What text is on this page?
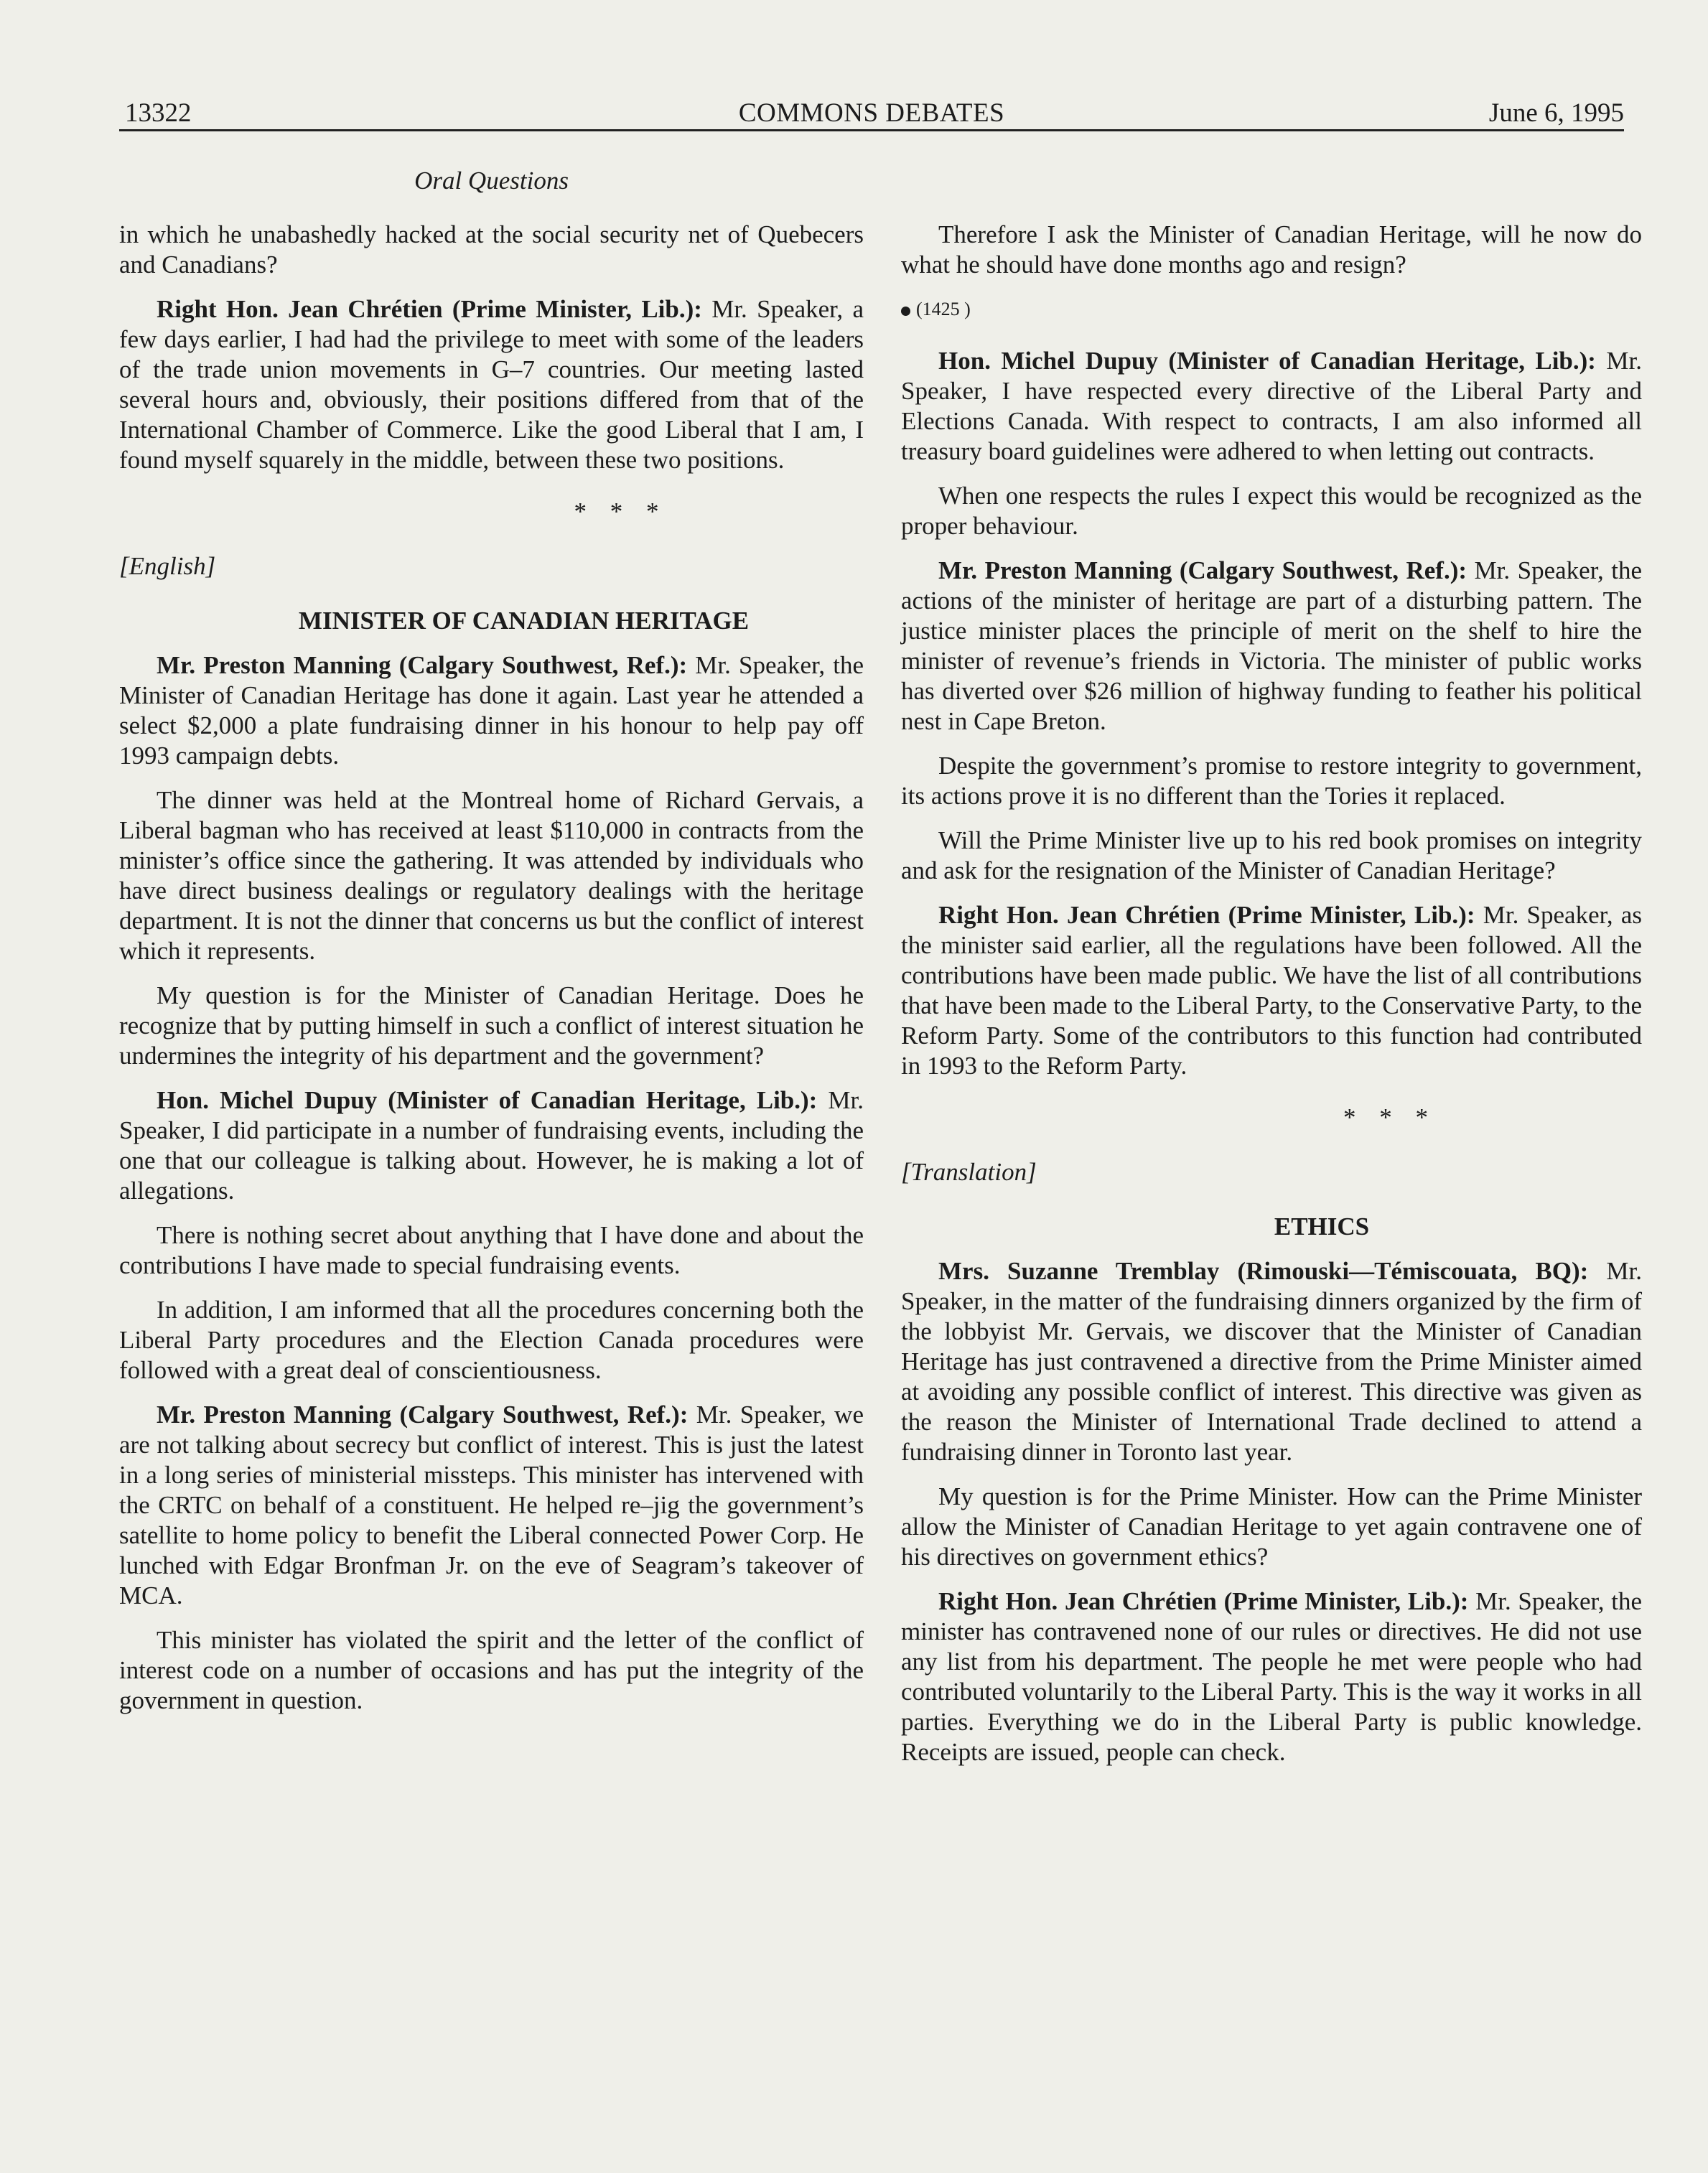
13322	COMMONS DEBATES	June 6, 1995
Oral Questions

in which he unabashedly hacked at the social security net of Quebecers and Canadians?

Right Hon. Jean Chrétien (Prime Minister, Lib.): Mr. Speaker, a few days earlier, I had had the privilege to meet with some of the leaders of the trade union movements in G–7 countries. Our meeting lasted several hours and, obviously, their positions differed from that of the International Chamber of Commerce. Like the good Liberal that I am, I found myself squarely in the middle, between these two positions.

* * *
[English]
MINISTER OF CANADIAN HERITAGE

Mr. Preston Manning (Calgary Southwest, Ref.): Mr. Speaker, the Minister of Canadian Heritage has done it again. Last year he attended a select $2,000 a plate fundraising dinner in his honour to help pay off 1993 campaign debts.

The dinner was held at the Montreal home of Richard Gervais, a Liberal bagman who has received at least $110,000 in contracts from the minister’s office since the gathering. It was attended by individuals who have direct business dealings or regulatory dealings with the heritage department. It is not the dinner that concerns us but the conflict of interest which it represents.

My question is for the Minister of Canadian Heritage. Does he recognize that by putting himself in such a conflict of interest situation he undermines the integrity of his department and the government?

Hon. Michel Dupuy (Minister of Canadian Heritage, Lib.): Mr. Speaker, I did participate in a number of fundraising events, including the one that our colleague is talking about. However, he is making a lot of allegations.

There is nothing secret about anything that I have done and about the contributions I have made to special fundraising events.

In addition, I am informed that all the procedures concerning both the Liberal Party procedures and the Election Canada procedures were followed with a great deal of conscientiousness.

Mr. Preston Manning (Calgary Southwest, Ref.): Mr. Speaker, we are not talking about secrecy but conflict of interest. This is just the latest in a long series of ministerial missteps. This minister has intervened with the CRTC on behalf of a constituent. He helped re–jig the government’s satellite to home policy to benefit the Liberal connected Power Corp. He lunched with Edgar Bronfman Jr. on the eve of Seagram’s takeover of MCA.

This minister has violated the spirit and the letter of the conflict of interest code on a number of occasions and has put the integrity of the government in question.

Therefore I ask the Minister of Canadian Heritage, will he now do what he should have done months ago and resign?

(1425 )

Hon. Michel Dupuy (Minister of Canadian Heritage, Lib.): Mr. Speaker, I have respected every directive of the Liberal Party and Elections Canada. With respect to contracts, I am also informed all treasury board guidelines were adhered to when letting out contracts.

When one respects the rules I expect this would be recognized as the proper behaviour.

Mr. Preston Manning (Calgary Southwest, Ref.): Mr. Speaker, the actions of the minister of heritage are part of a disturbing pattern. The justice minister places the principle of merit on the shelf to hire the minister of revenue’s friends in Victoria. The minister of public works has diverted over $26 million of highway funding to feather his political nest in Cape Breton.

Despite the government’s promise to restore integrity to government, its actions prove it is no different than the Tories it replaced.

Will the Prime Minister live up to his red book promises on integrity and ask for the resignation of the Minister of Canadian Heritage?

Right Hon. Jean Chrétien (Prime Minister, Lib.): Mr. Speaker, as the minister said earlier, all the regulations have been followed. All the contributions have been made public. We have the list of all contributions that have been made to the Liberal Party, to the Conservative Party, to the Reform Party. Some of the contributors to this function had contributed in 1993 to the Reform Party.

* * *
[Translation]
ETHICS

Mrs. Suzanne Tremblay (Rimouski—Témiscouata, BQ): Mr. Speaker, in the matter of the fundraising dinners organized by the firm of the lobbyist Mr. Gervais, we discover that the Minister of Canadian Heritage has just contravened a directive from the Prime Minister aimed at avoiding any possible conflict of interest. This directive was given as the reason the Minister of International Trade declined to attend a fundraising dinner in Toronto last year.

My question is for the Prime Minister. How can the Prime Minister allow the Minister of Canadian Heritage to yet again contravene one of his directives on government ethics?

Right Hon. Jean Chrétien (Prime Minister, Lib.): Mr. Speaker, the minister has contravened none of our rules or directives. He did not use any list from his department. The people he met were people who had contributed voluntarily to the Liberal Party. This is the way it works in all parties. Everything we do in the Liberal Party is public knowledge. Receipts are issued, people can check.
